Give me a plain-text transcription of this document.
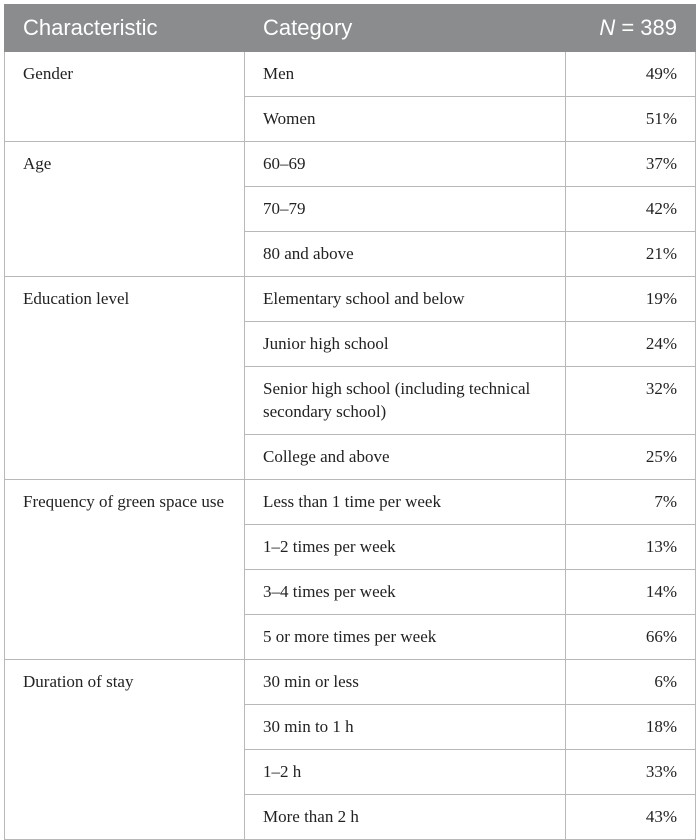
Characteristic	Category	N = 389
Gender	Men	49%
	Women	51%
Age	60–69	37%
	70–79	42%
	80 and above	21%
Education level	Elementary school and below	19%
	Junior high school	24%
	Senior high school (including technical secondary school)	32%
	College and above	25%
Frequency of green space use	Less than 1 time per week	7%
	1–2 times per week	13%
	3–4 times per week	14%
	5 or more times per week	66%
Duration of stay	30 min or less	6%
	30 min to 1 h	18%
	1–2 h	33%
	More than 2 h	43%
